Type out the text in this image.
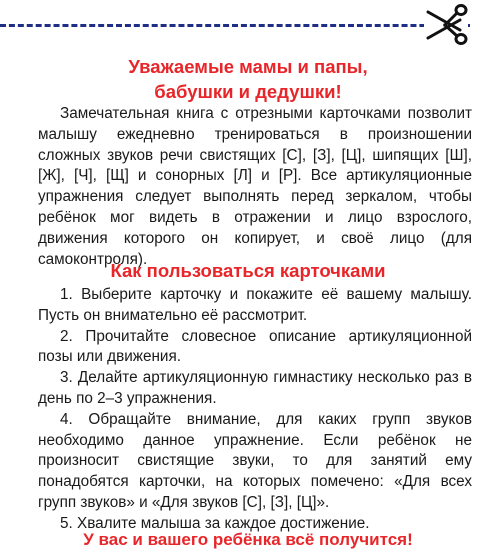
Уважаемые мамы и папы,
бабушки и дедушки!
Замечательная книга с отрезными карточками позволит малышу ежедневно тренироваться в произношении сложных звуков речи свистящих [С], [З], [Ц], шипящих [Ш], [Ж], [Ч], [Щ] и сонорных [Л] и [Р]. Все артикуляционные упражнения следует выполнять перед зеркалом, чтобы ребёнок мог видеть в отражении и лицо взрослого, движения которого он копирует, и своё лицо (для самоконтроля).
Как пользоваться карточками
1. Выберите карточку и покажите её вашему малышу. Пусть он внимательно её рассмотрит.
2. Прочитайте словесное описание артикуляционной позы или движения.
3. Делайте артикуляционную гимнастику несколько раз в день по 2–3 упражнения.
4. Обращайте внимание, для каких групп звуков необходимо данное упражнение. Если ребёнок не произносит свистящие звуки, то для занятий ему понадобятся карточки, на которых помечено: «Для всех групп звуков» и «Для звуков [С], [З], [Ц]».
5. Хвалите малыша за каждое достижение.
У вас и вашего ребёнка всё получится!
